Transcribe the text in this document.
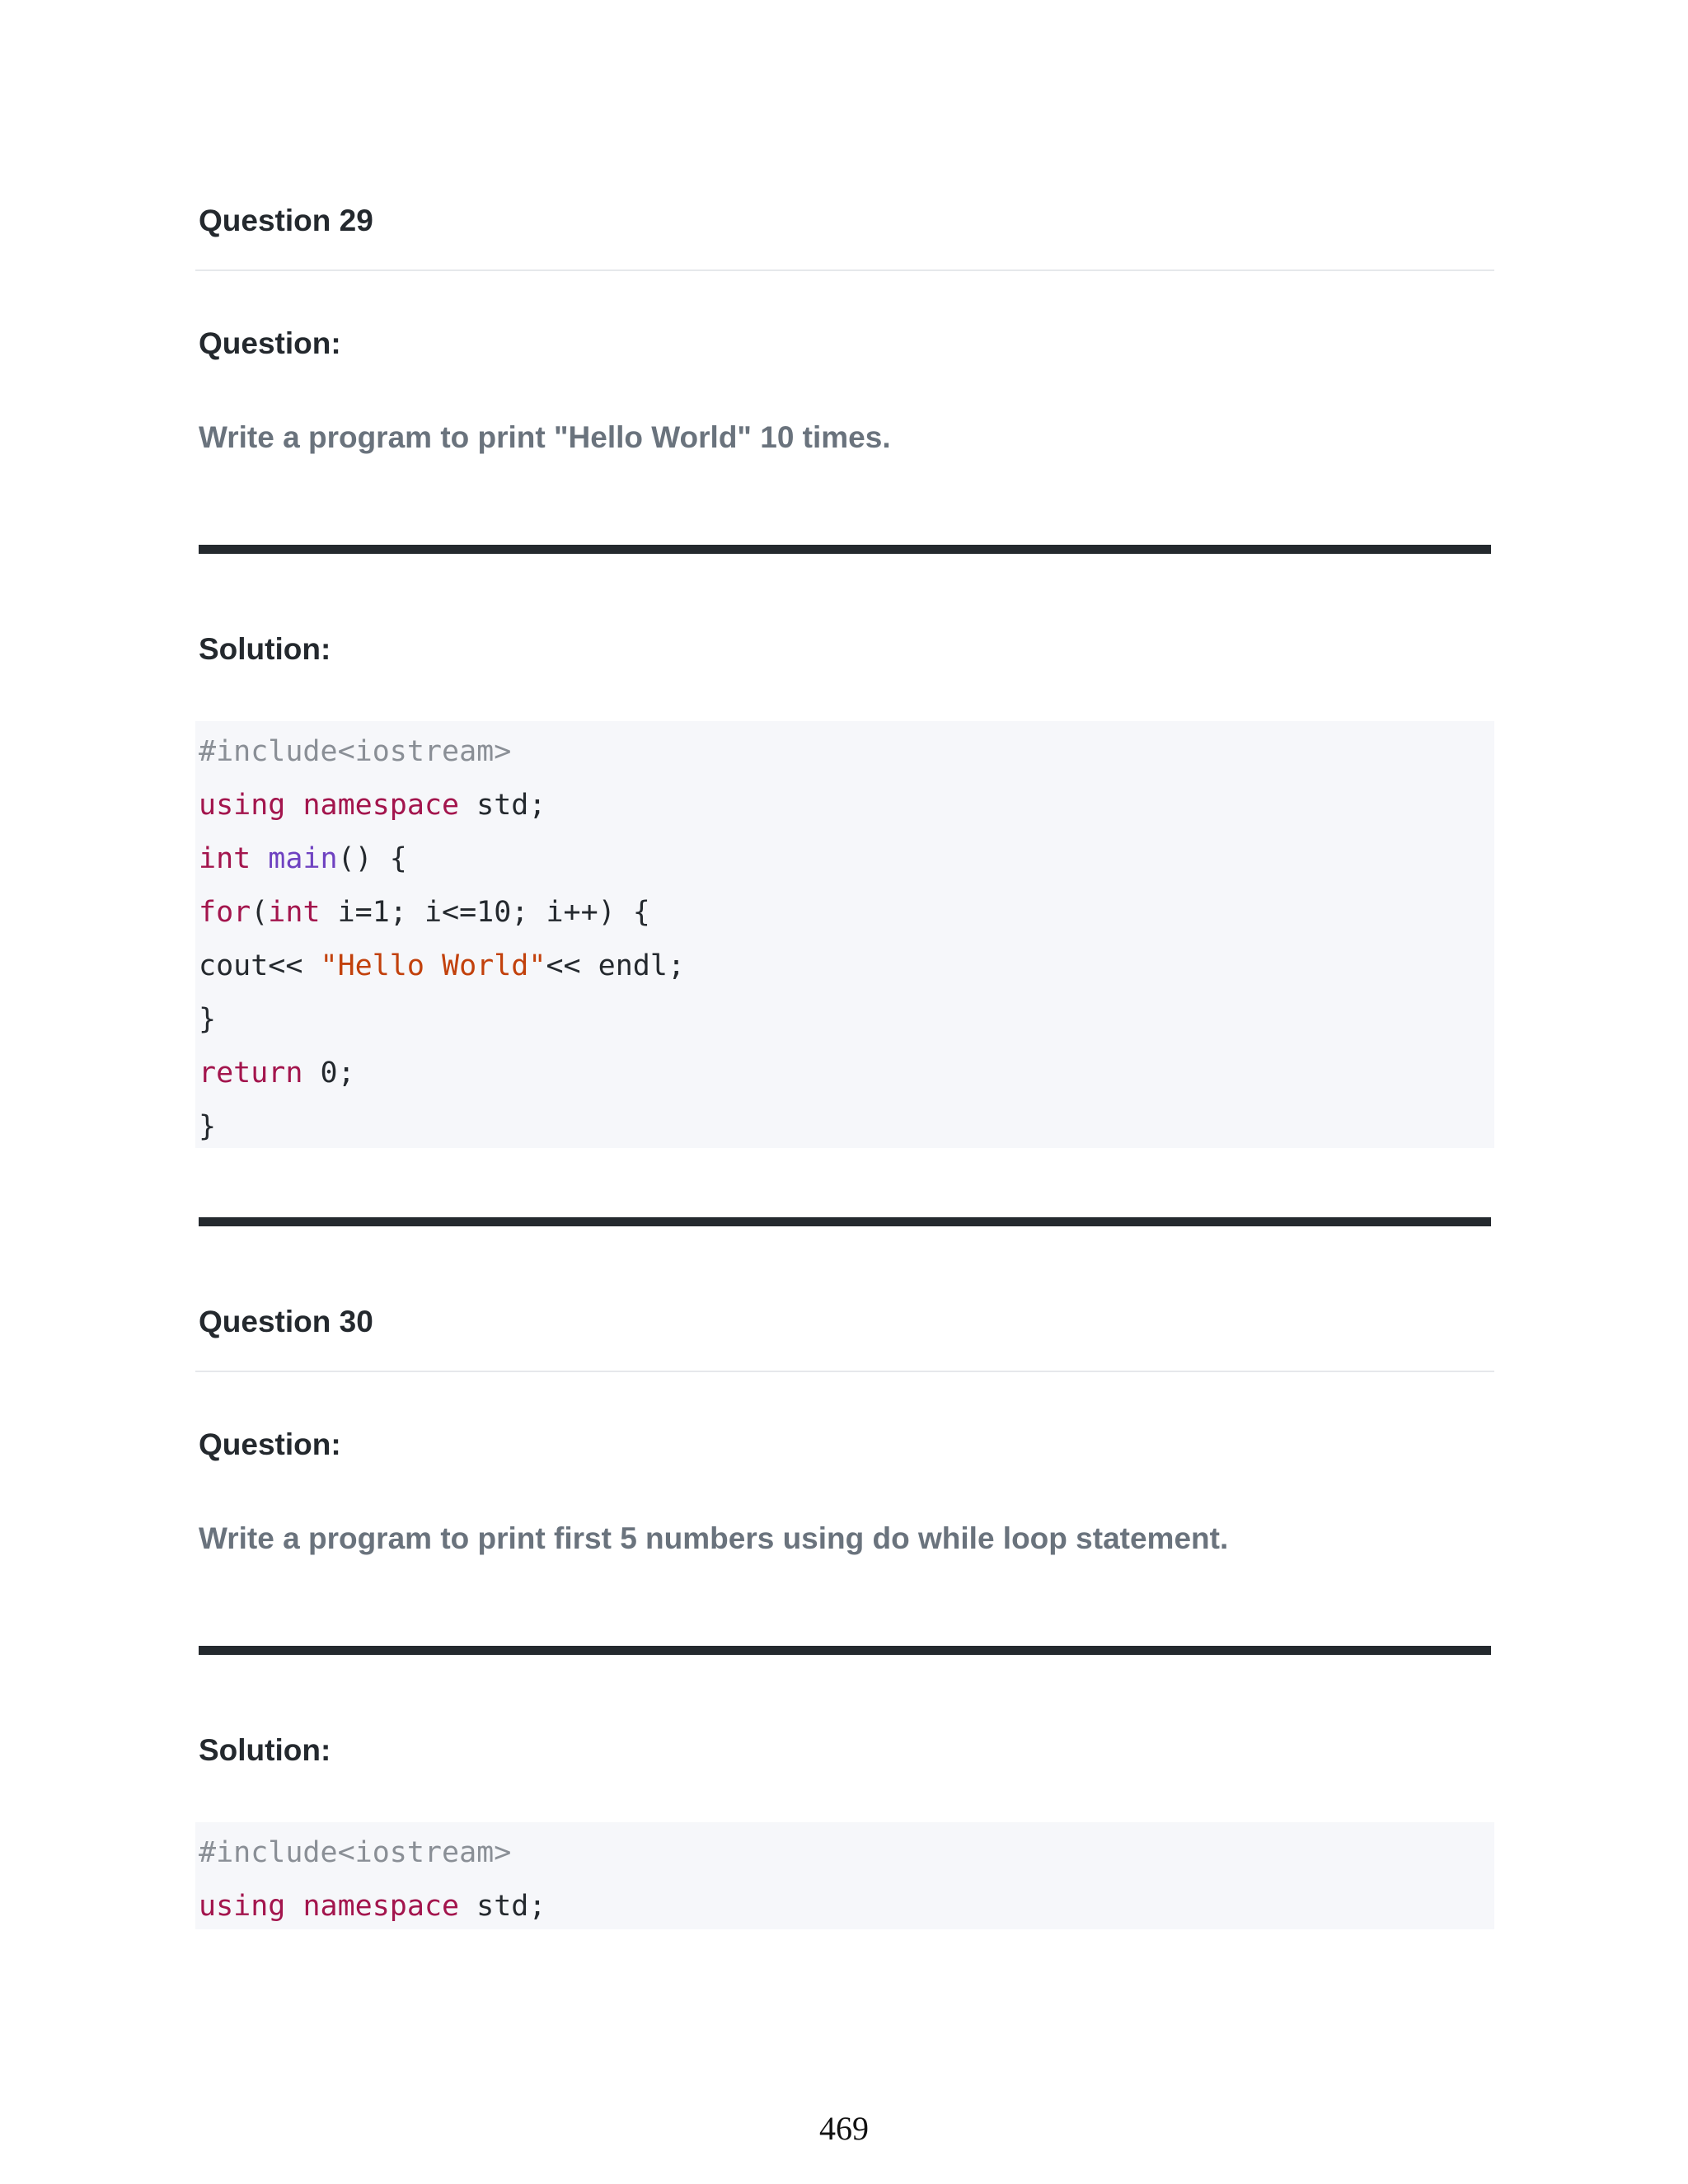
Question 29
Question:
Write a program to print "Hello World" 10 times.
Solution:
#include<iostream>
using namespace std;
int main() {
for(int i=1; i<=10; i++) {
cout<< "Hello World"<< endl;
}
return 0;
}
Question 30
Question:
Write a program to print first 5 numbers using do while loop statement.
Solution:
#include<iostream>
using namespace std;
469
